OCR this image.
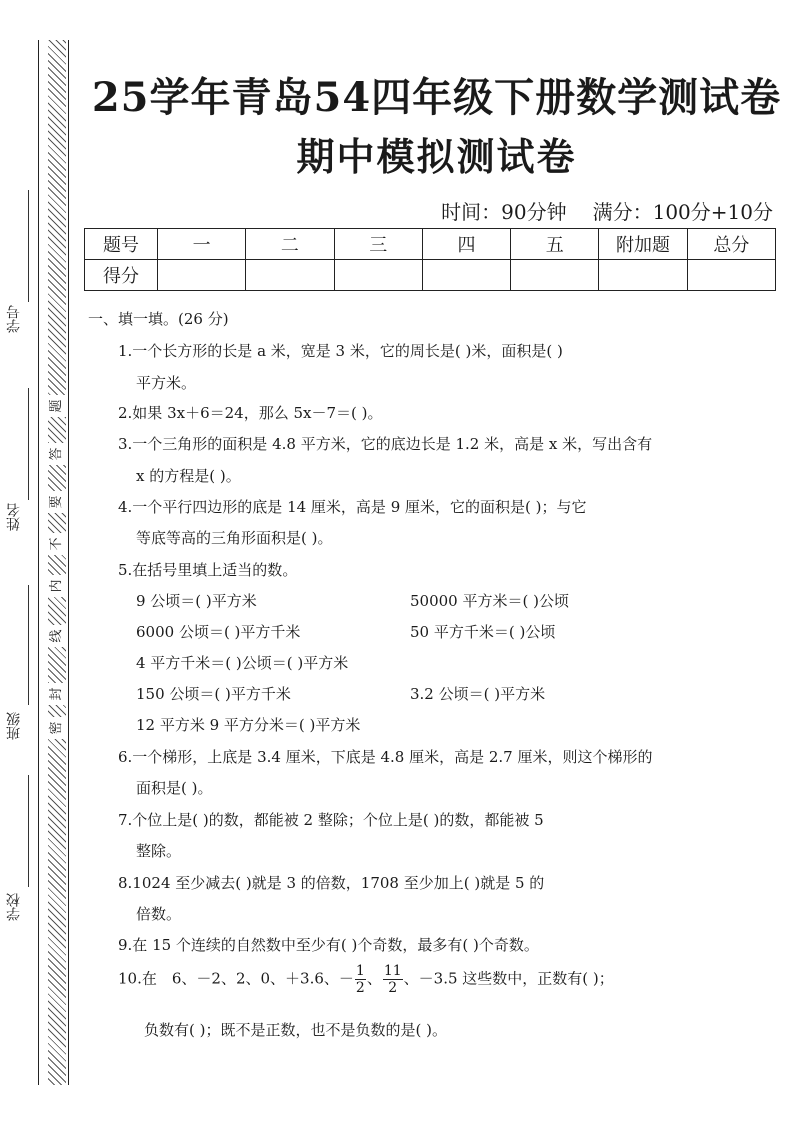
学号
姓名
班级
学校
密
封
线
内
不
要
答
题
25学年青岛54四年级下册数学测试卷
期中模拟测试卷
时间：90分钟 满分：100分+10分
题号	一	二	三	四	五	附加题	总分
得分							
一、填一填。(26 分)
1.一个长方形的长是 a 米，宽是 3 米，它的周长是( )米，面积是( )
平方米。
2.如果 3x＋6＝24，那么 5x－7＝( )。
3.一个三角形的面积是 4.8 平方米，它的底边长是 1.2 米，高是 x 米，写出含有
x 的方程是( )。
4.一个平行四边形的底是 14 厘米，高是 9 厘米，它的面积是( )；与它
等底等高的三角形面积是( )。
5.在括号里填上适当的数。
9 公顷＝( )平方米	50000 平方米＝( )公顷
6000 公顷＝( )平方千米	50 平方千米＝( )公顷
4 平方千米＝( )公顷＝( )平方米
150 公顷＝( )平方千米	3.2 公顷＝( )平方米
12 平方米 9 平方分米＝( )平方米
6.一个梯形，上底是 3.4 厘米，下底是 4.8 厘米，高是 2.7 厘米，则这个梯形的
面积是( )。
7.个位上是( )的数，都能被 2 整除；个位上是( )的数，都能被 5
整除。
8.1024 至少减去( )就是 3 的倍数，1708 至少加上( )就是 5 的
倍数。
9.在 15 个连续的自然数中至少有( )个奇数，最多有( )个奇数。
10.在　6、－2、2、0、＋3.6、－ $\frac{1}{2}$ 、 $\frac{11}{2}$ 、－3.5 这些数中，正数有( )；
负数有( )；既不是正数，也不是负数的是( )。
